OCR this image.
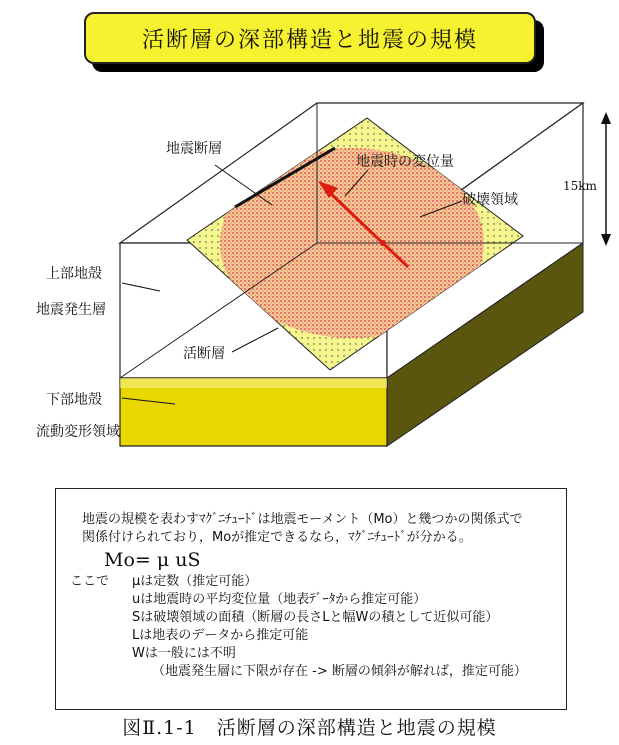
活断層の深部構造と地震の規模
地震断層
地震時の変位量
破壊領域
15km
上部地殻
地震発生層
活断層
下部地殻
流動変形領域
地震の規模を表わすﾏｸﾞﾆﾁｭｰﾄﾞは地震モーメント（Mo）と幾つかの関係式で
関係付けられており，Moが推定できるなら，ﾏｸﾞﾆﾁｭｰﾄﾞが分かる。
Mo= μ uS
ここで μは定数（推定可能）
uは地震時の平均変位量（地表ﾃﾞｰﾀから推定可能）
Sは破壊領域の面積（断層の長さLと幅Wの積として近似可能）
Lは地表のデータから推定可能
Wは一般には不明
（地震発生層に下限が存在 -> 断層の傾斜が解れば，推定可能）
図Ⅱ.1-1　活断層の深部構造と地震の規模
